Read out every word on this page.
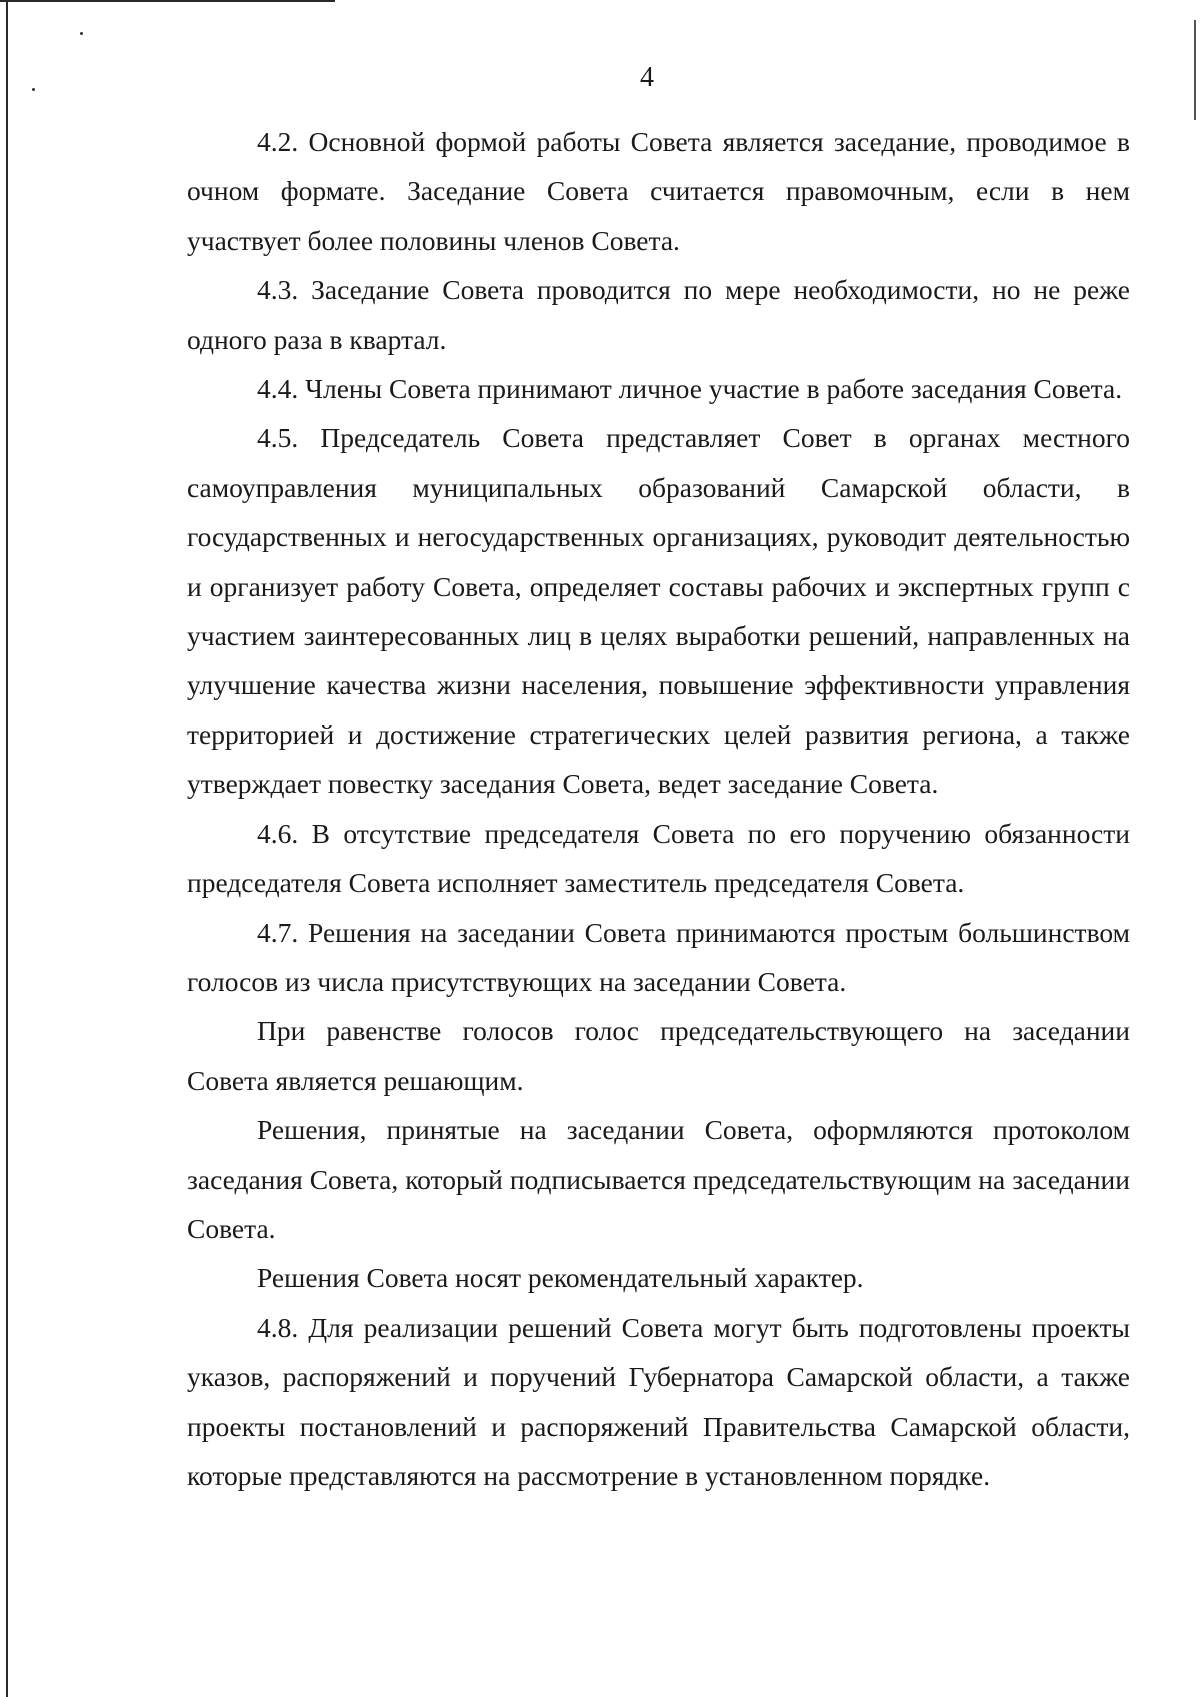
4

4.2. Основной формой работы Совета является заседание, проводимое в очном формате. Заседание Совета считается правомочным, если в нем участвует более половины членов Совета.

4.3. Заседание Совета проводится по мере необходимости, но не реже одного раза в квартал.

4.4. Члены Совета принимают личное участие в работе заседания Совета.

4.5. Председатель Совета представляет Совет в органах местного самоуправления муниципальных образований Самарской области, в государственных и негосударственных организациях, руководит деятельностью и организует работу Совета, определяет составы рабочих и экспертных групп с участием заинтересованных лиц в целях выработки решений, направленных на улучшение качества жизни населения, повышение эффективности управления территорией и достижение стратегических целей развития региона, а также утверждает повестку заседания Совета, ведет заседание Совета.

4.6. В отсутствие председателя Совета по его поручению обязанности председателя Совета исполняет заместитель председателя Совета.

4.7. Решения на заседании Совета принимаются простым большинством голосов из числа присутствующих на заседании Совета.

При равенстве голосов голос председательствующего на заседании Совета является решающим.

Решения, принятые на заседании Совета, оформляются протоколом заседания Совета, который подписывается председательствующим на заседании Совета.

Решения Совета носят рекомендательный характер.

4.8. Для реализации решений Совета могут быть подготовлены проекты указов, распоряжений и поручений Губернатора Самарской области, а также проекты постановлений и распоряжений Правительства Самарской области, которые представляются на рассмотрение в установленном порядке.
